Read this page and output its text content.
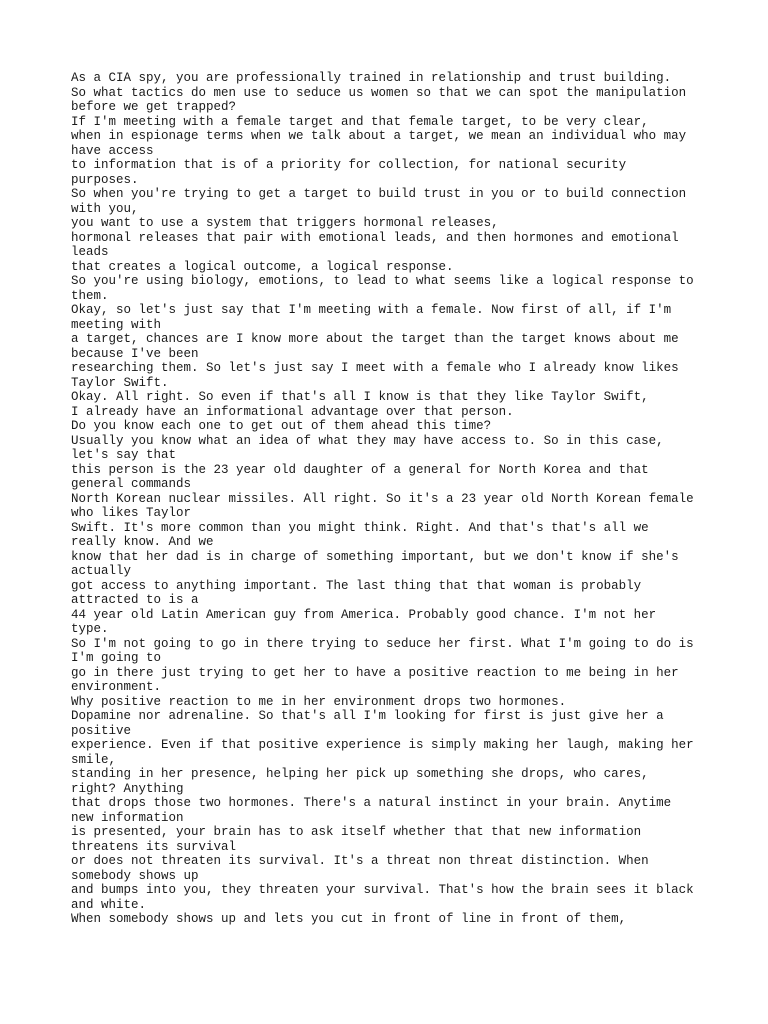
As a CIA spy, you are professionally trained in relationship and trust building.
So what tactics do men use to seduce us women so that we can spot the manipulation
before we get trapped?
If I'm meeting with a female target and that female target, to be very clear,
when in espionage terms when we talk about a target, we mean an individual who may
have access
to information that is of a priority for collection, for national security
purposes.
So when you're trying to get a target to build trust in you or to build connection
with you,
you want to use a system that triggers hormonal releases,
hormonal releases that pair with emotional leads, and then hormones and emotional
leads
that creates a logical outcome, a logical response.
So you're using biology, emotions, to lead to what seems like a logical response to
them.
Okay, so let's just say that I'm meeting with a female. Now first of all, if I'm
meeting with
a target, chances are I know more about the target than the target knows about me
because I've been
researching them. So let's just say I meet with a female who I already know likes
Taylor Swift.
Okay. All right. So even if that's all I know is that they like Taylor Swift,
I already have an informational advantage over that person.
Do you know each one to get out of them ahead this time?
Usually you know what an idea of what they may have access to. So in this case,
let's say that
this person is the 23 year old daughter of a general for North Korea and that
general commands
North Korean nuclear missiles. All right. So it's a 23 year old North Korean female
who likes Taylor
Swift. It's more common than you might think. Right. And that's that's all we
really know. And we
know that her dad is in charge of something important, but we don't know if she's
actually
got access to anything important. The last thing that that woman is probably
attracted to is a
44 year old Latin American guy from America. Probably good chance. I'm not her
type.
So I'm not going to go in there trying to seduce her first. What I'm going to do is
I'm going to
go in there just trying to get her to have a positive reaction to me being in her
environment.
Why positive reaction to me in her environment drops two hormones.
Dopamine nor adrenaline. So that's all I'm looking for first is just give her a
positive
experience. Even if that positive experience is simply making her laugh, making her
smile,
standing in her presence, helping her pick up something she drops, who cares,
right? Anything
that drops those two hormones. There's a natural instinct in your brain. Anytime
new information
is presented, your brain has to ask itself whether that that new information
threatens its survival
or does not threaten its survival. It's a threat non threat distinction. When
somebody shows up
and bumps into you, they threaten your survival. That's how the brain sees it black
and white.
When somebody shows up and lets you cut in front of line in front of them,
